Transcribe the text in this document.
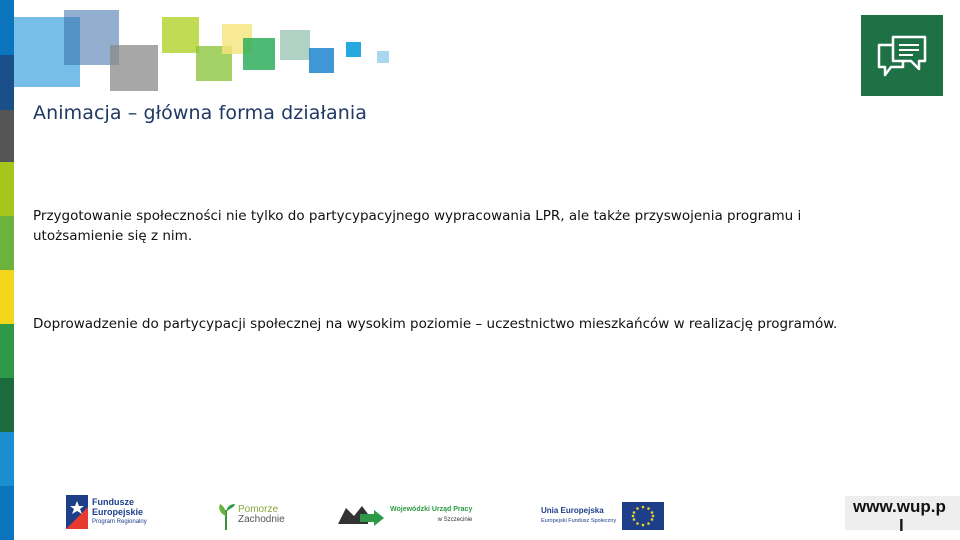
Animacja – główna forma działania
Przygotowanie społeczności nie tylko do partycypacyjnego wypracowania LPR, ale także przyswojenia programu i utożsamienie się z nim.
Doprowadzenie do partycypacji społecznej na wysokim poziomie – uczestnictwo mieszkańców w realizację programów.
Fundusze
Europejskie
Program Regionalny
Pomorze
Zachodnie
Wojewódzki Urząd Pracy
w Szczecinie
Unia Europejska
Europejski Fundusz Społeczny
www.wup.p
l
